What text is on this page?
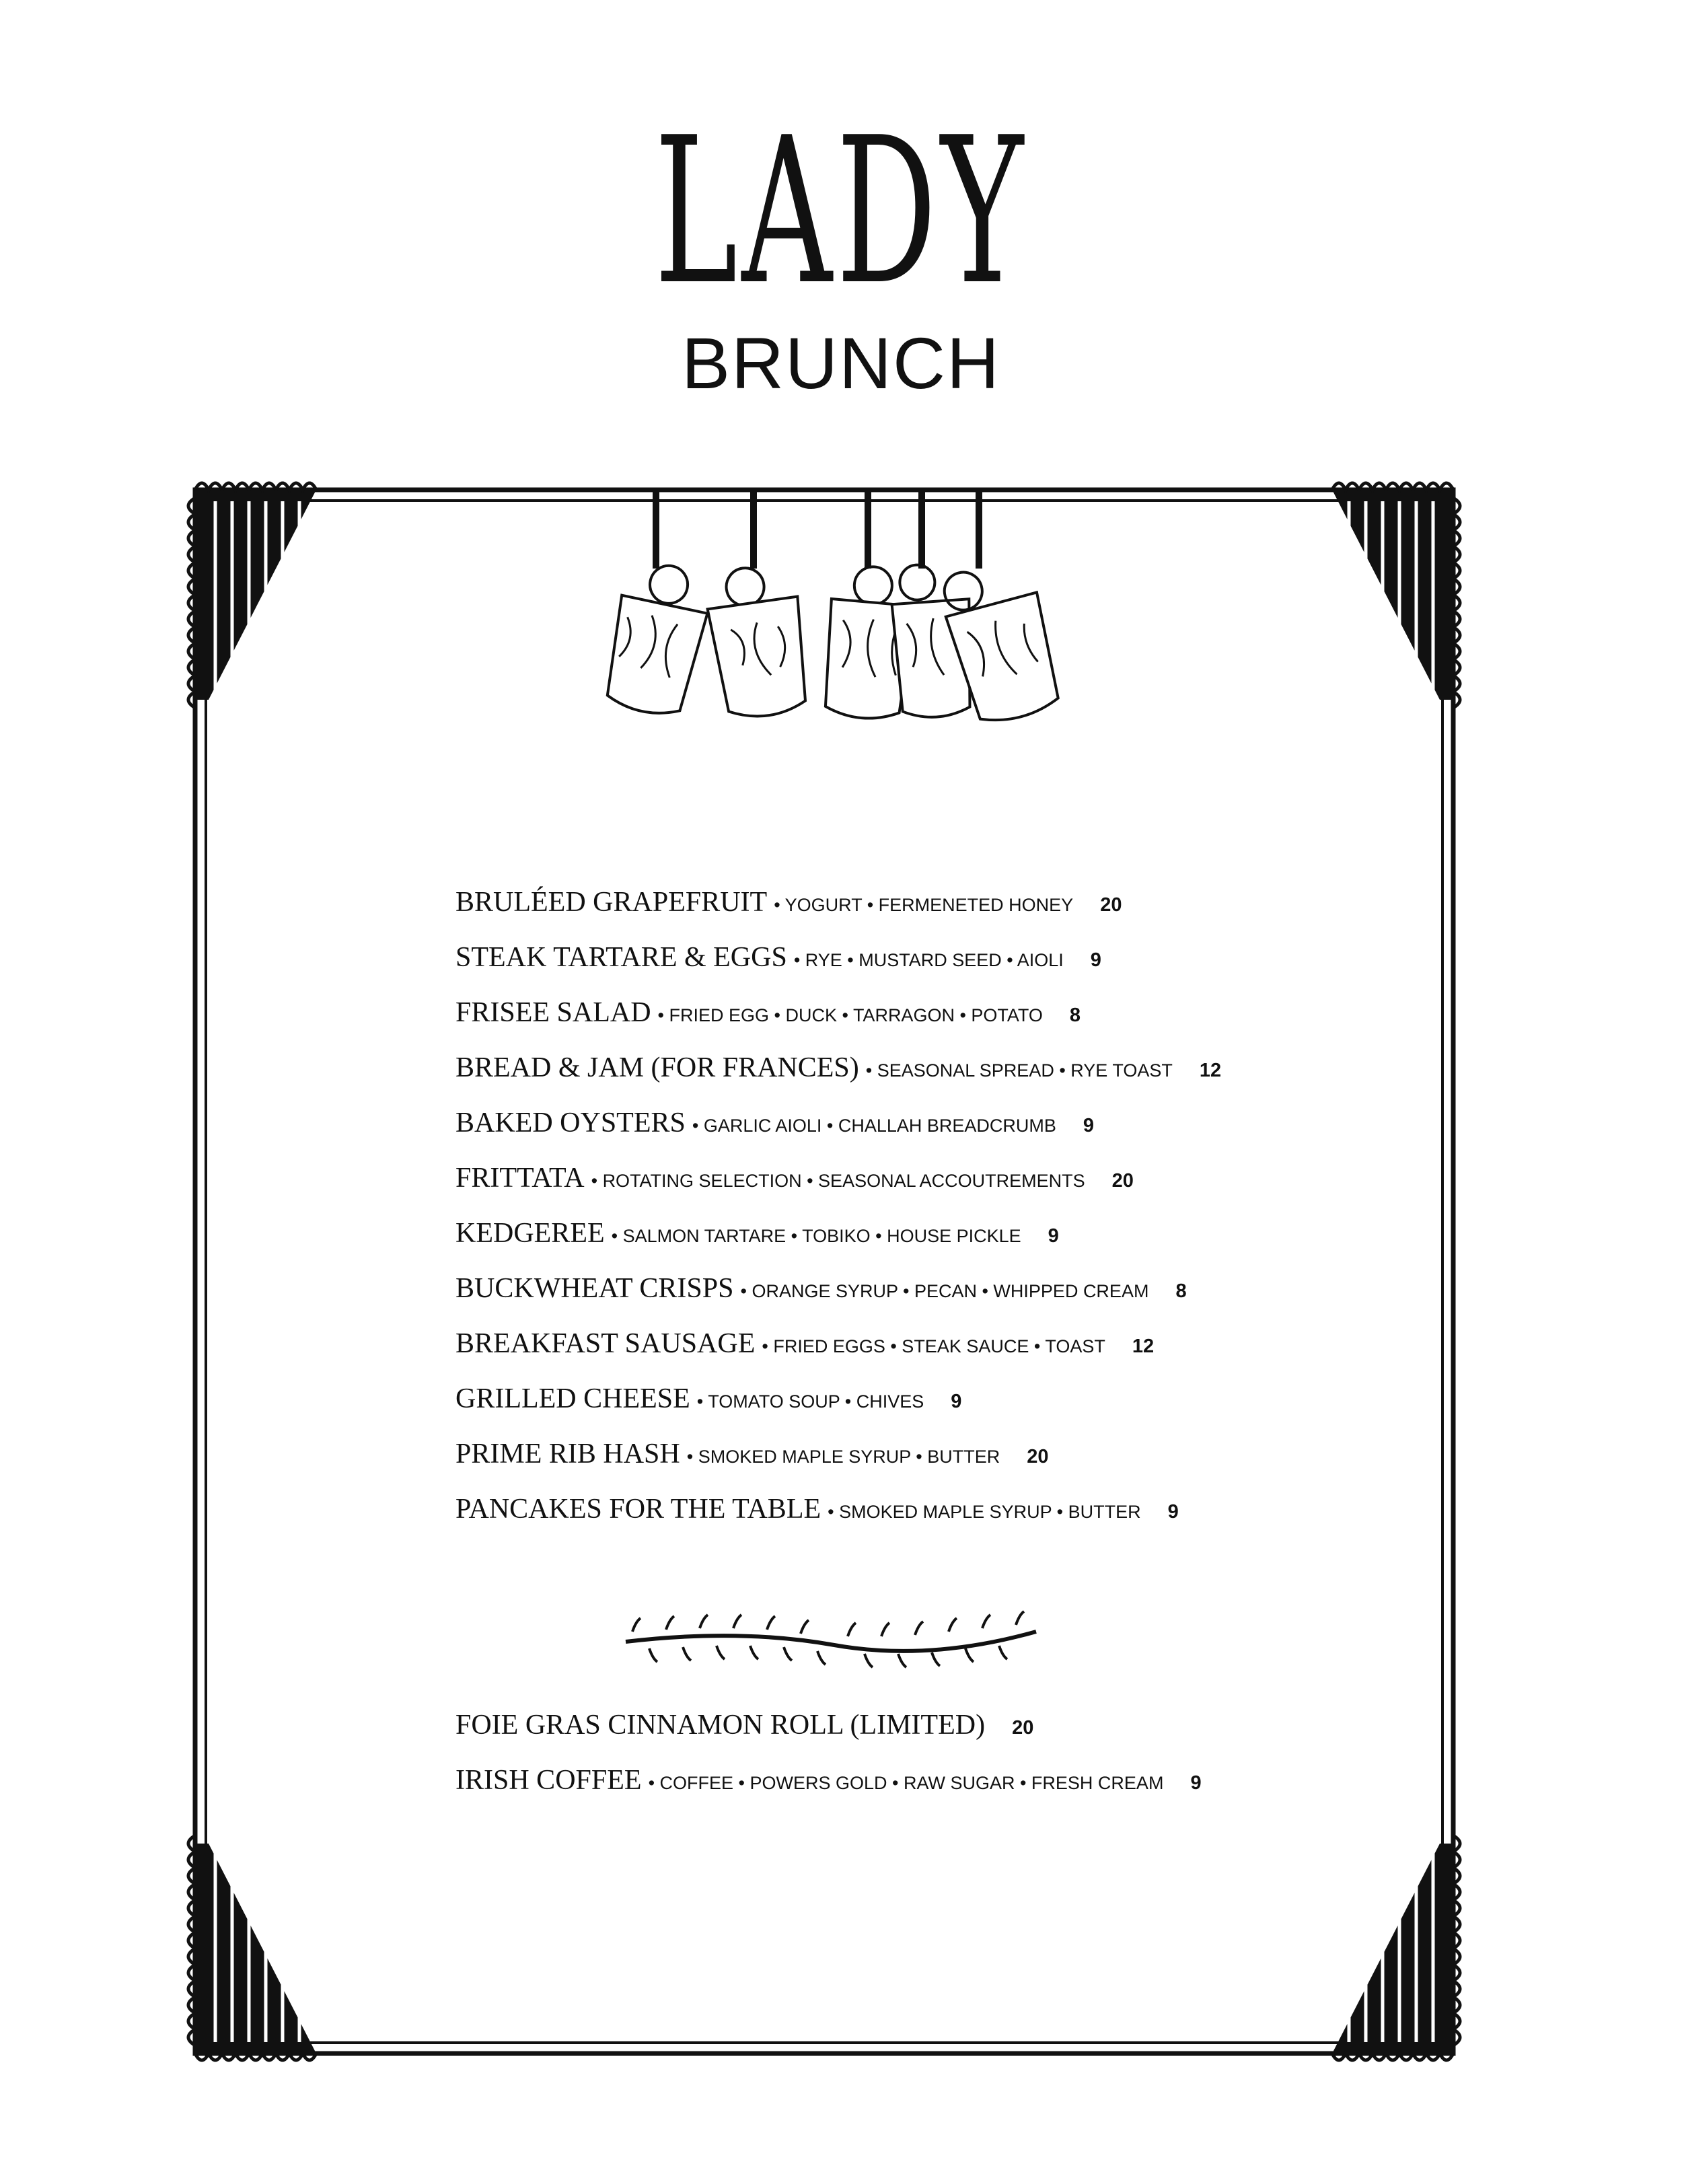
LADY
BRUNCH
BRULÉED GRAPEFRUIT • YOGURT • FERMENETED HONEY 20
STEAK TARTARE & EGGS • RYE • MUSTARD SEED • AIOLI 9
FRISEE SALAD • FRIED EGG • DUCK • TARRAGON • POTATO 8
BREAD & JAM (FOR FRANCES) • SEASONAL SPREAD • RYE TOAST 12
BAKED OYSTERS • GARLIC AIOLI • CHALLAH BREADCRUMB 9
FRITTATA • ROTATING SELECTION • SEASONAL ACCOUTREMENTS 20
KEDGEREE • SALMON TARTARE • TOBIKO • HOUSE PICKLE 9
BUCKWHEAT CRISPS • ORANGE SYRUP • PECAN • WHIPPED CREAM 8
BREAKFAST SAUSAGE • FRIED EGGS • STEAK SAUCE • TOAST 12
GRILLED CHEESE • TOMATO SOUP • CHIVES 9
PRIME RIB HASH • SMOKED MAPLE SYRUP • BUTTER 20
PANCAKES FOR THE TABLE • SMOKED MAPLE SYRUP • BUTTER 9
FOIE GRAS CINNAMON ROLL (LIMITED) 20
IRISH COFFEE • COFFEE • POWERS GOLD • RAW SUGAR • FRESH CREAM 9
